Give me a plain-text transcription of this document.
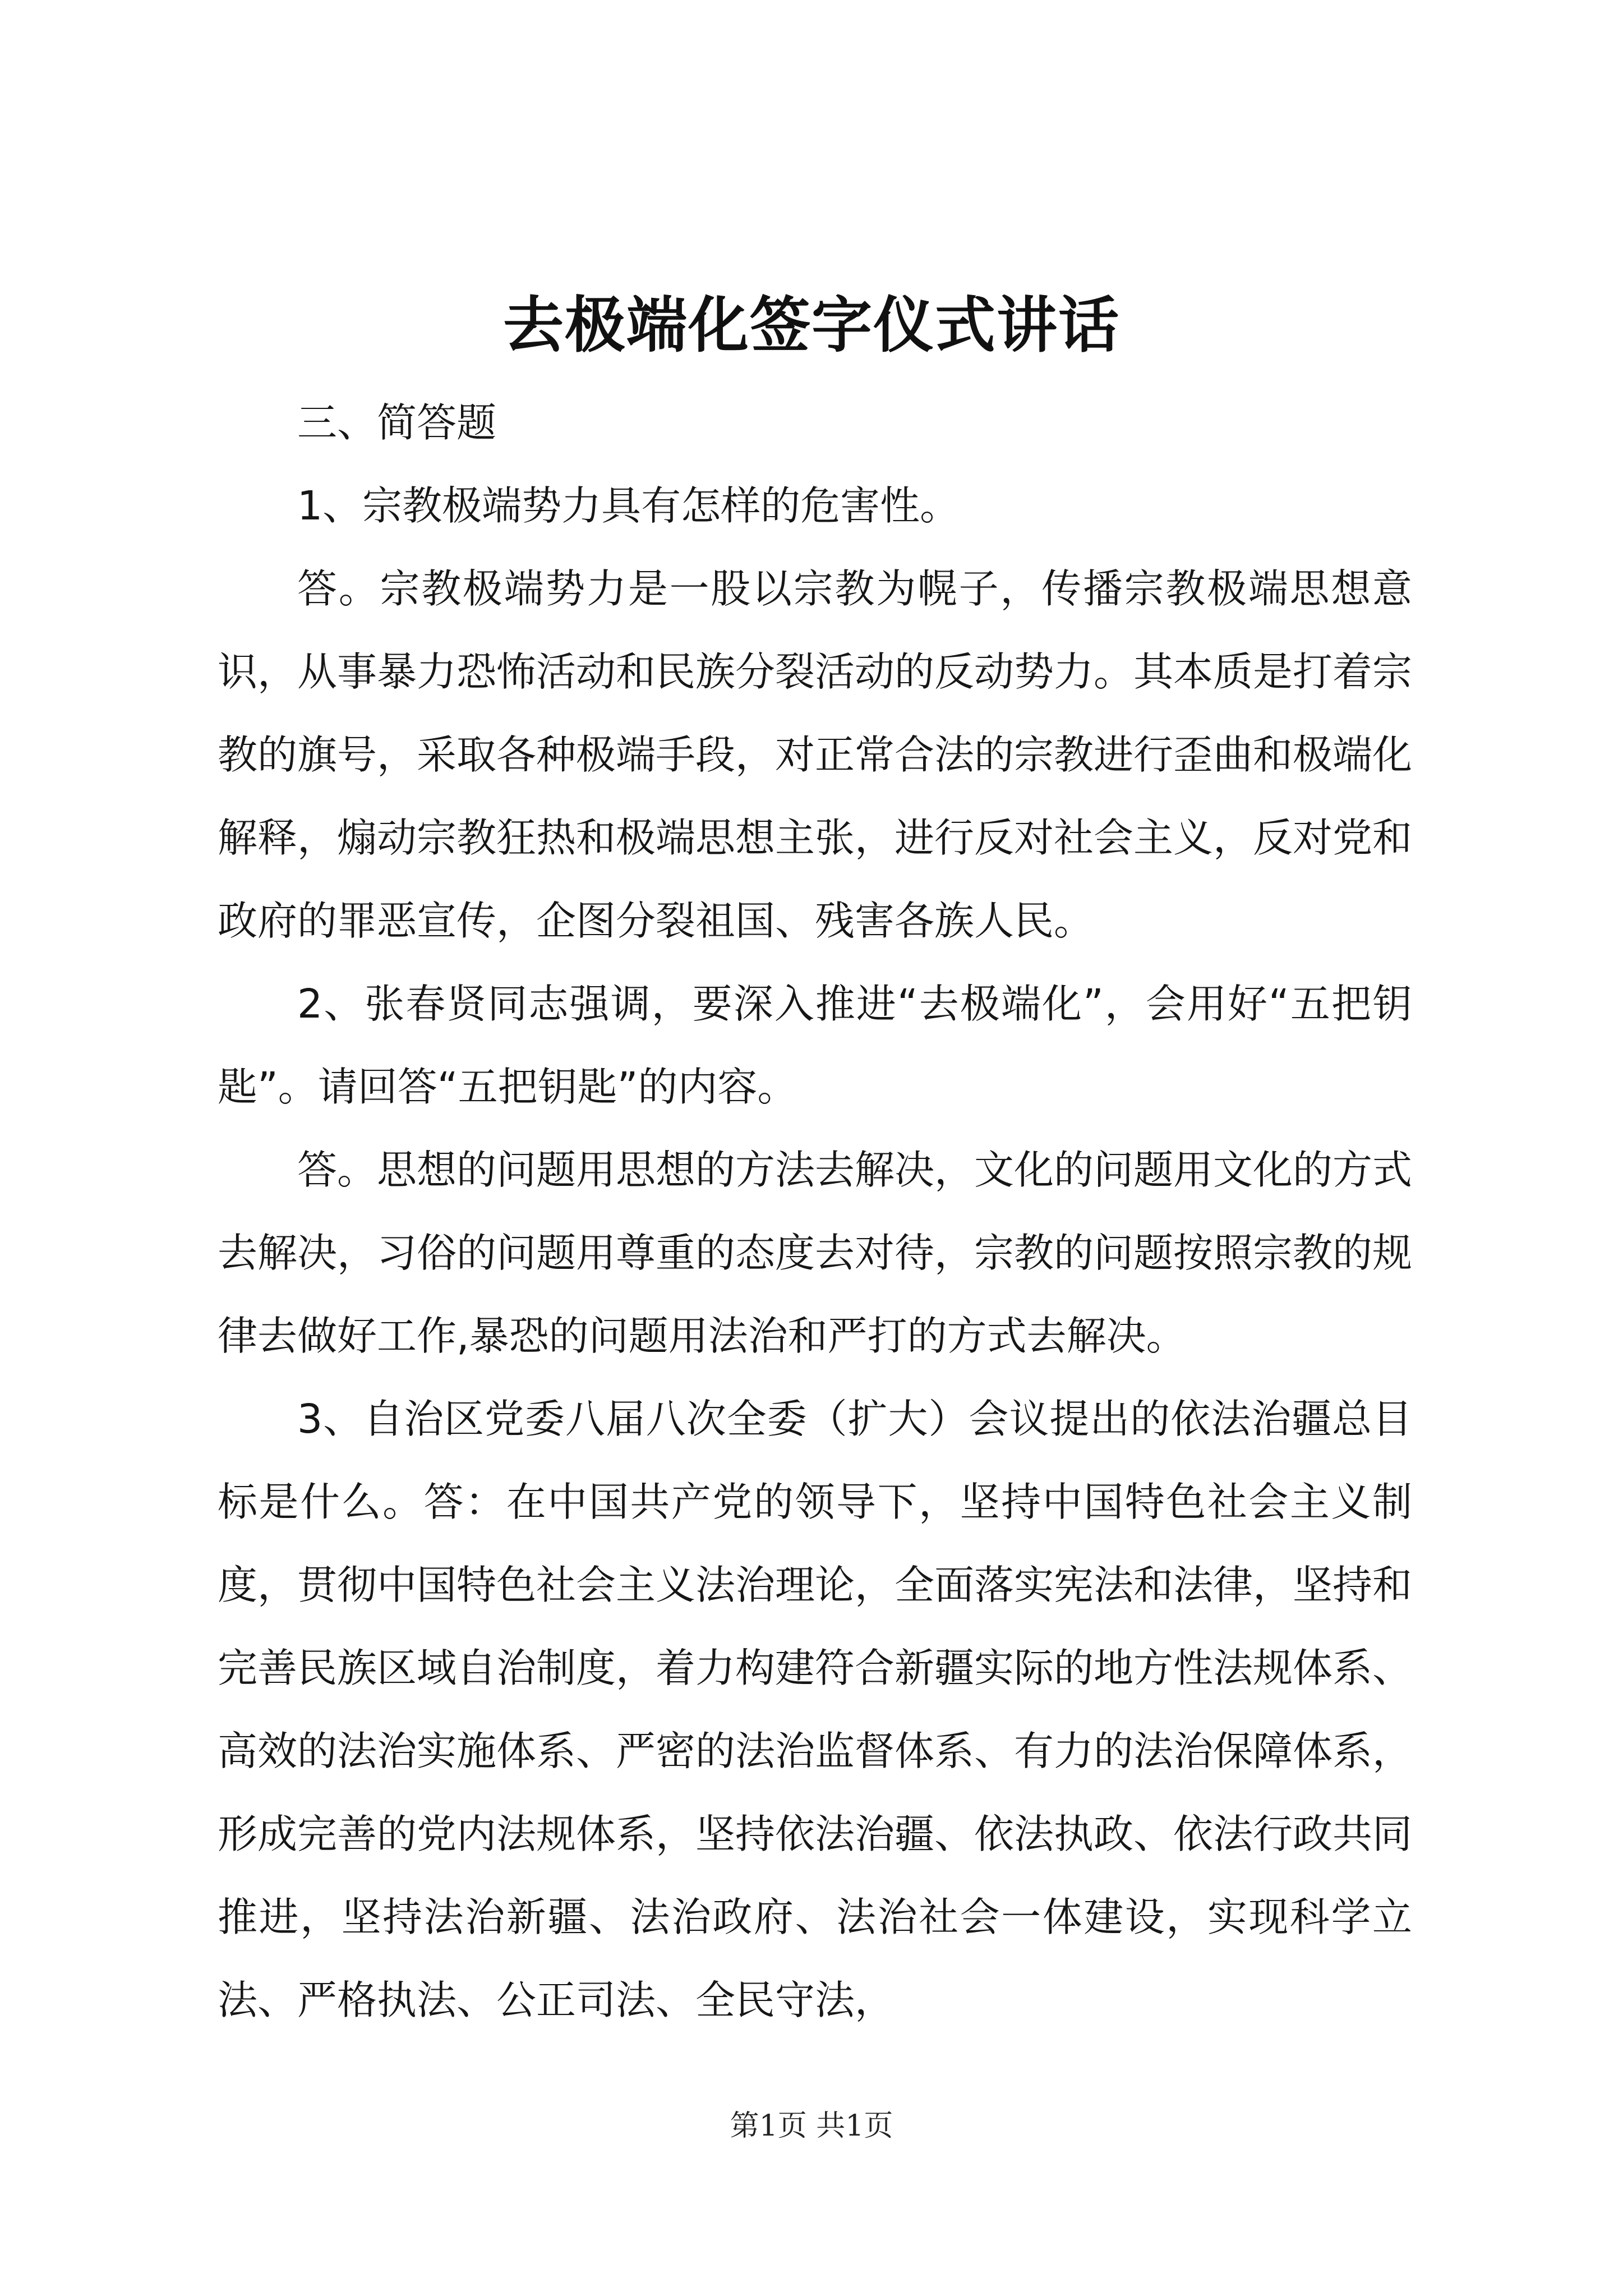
去极端化签字仪式讲话

三、简答题

1、宗教极端势力具有怎样的危害性。

答。宗教极端势力是一股以宗教为幌子，传播宗教极端思想意识，从事暴力恐怖活动和民族分裂活动的反动势力。其本质是打着宗教的旗号，采取各种极端手段，对正常合法的宗教进行歪曲和极端化解释，煽动宗教狂热和极端思想主张，进行反对社会主义，反对党和政府的罪恶宣传，企图分裂祖国、残害各族人民。

2、张春贤同志强调，要深入推进“去极端化”，会用好“五把钥匙”。请回答“五把钥匙”的内容。

答。思想的问题用思想的方法去解决，文化的问题用文化的方式去解决，习俗的问题用尊重的态度去对待，宗教的问题按照宗教的规律去做好工作,暴恐的问题用法治和严打的方式去解决。

3、自治区党委八届八次全委（扩大）会议提出的依法治疆总目标是什么。答：在中国共产党的领导下，坚持中国特色社会主义制度，贯彻中国特色社会主义法治理论，全面落实宪法和法律，坚持和完善民族区域自治制度，着力构建符合新疆实际的地方性法规体系、高效的法治实施体系、严密的法治监督体系、有力的法治保障体系，形成完善的党内法规体系，坚持依法治疆、依法执政、依法行政共同推进，坚持法治新疆、法治政府、法治社会一体建设，实现科学立法、严格执法、公正司法、全民守法，

第1页 共1页
